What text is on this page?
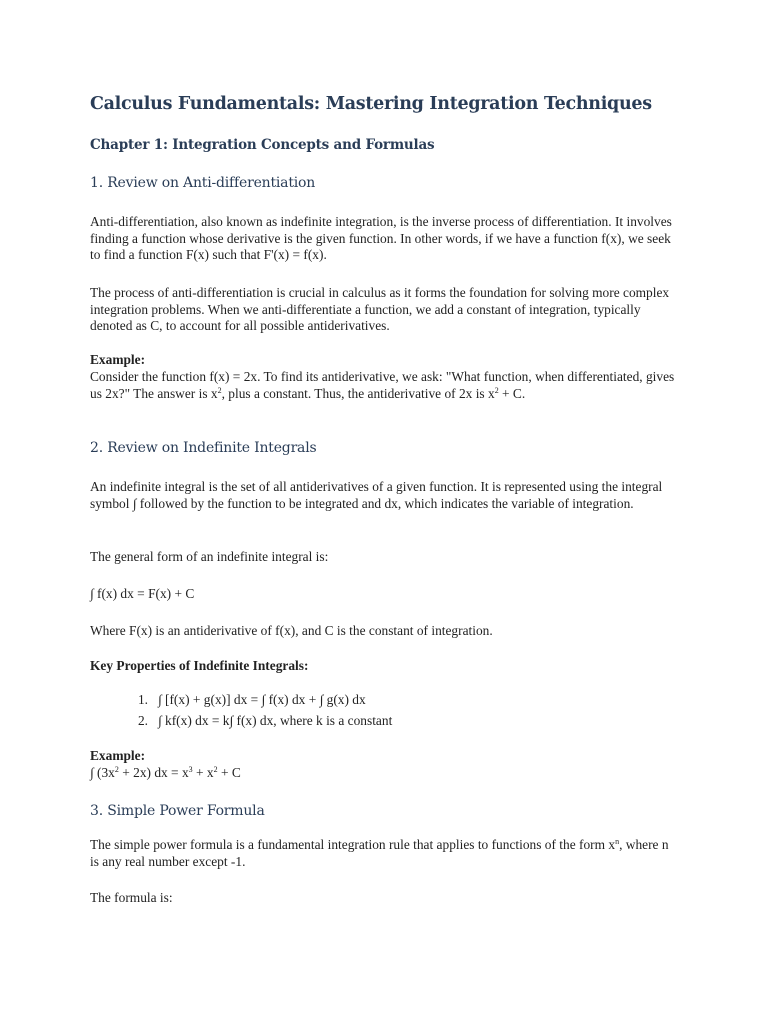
Calculus Fundamentals: Mastering Integration Techniques
Chapter 1: Integration Concepts and Formulas
1. Review on Anti-differentiation

Anti-differentiation, also known as indefinite integration, is the inverse process of differentiation. It involves finding a function whose derivative is the given function. In other words, if we have a function f(x), we seek to find a function F(x) such that F'(x) = f(x).

The process of anti-differentiation is crucial in calculus as it forms the foundation for solving more complex integration problems. When we anti-differentiate a function, we add a constant of integration, typically denoted as C, to account for all possible antiderivatives.

Example:

Consider the function f(x) = 2x. To find its antiderivative, we ask: "What function, when differentiated, gives us 2x?" The answer is $x^2$, plus a constant. Thus, the antiderivative of 2x is $x^2 + C$.

2. Review on Indefinite Integrals

An indefinite integral is the set of all antiderivatives of a given function. It is represented using the integral symbol ∫ followed by the function to be integrated and dx, which indicates the variable of integration.

The general form of an indefinite integral is:

∫ f(x) dx = F(x) + C

Where F(x) is an antiderivative of f(x), and C is the constant of integration.

Key Properties of Indefinite Integrals:

1. ∫ [f(x) + g(x)] dx = ∫ f(x) dx + ∫ g(x) dx
2. ∫ kf(x) dx = k∫ f(x) dx, where k is a constant

Example:

∫ $(3x^2 + 2x)$ dx = $x^3 + x^2 + C$

3. Simple Power Formula

The simple power formula is a fundamental integration rule that applies to functions of the form $x^n$, where n is any real number except -1.

The formula is:
